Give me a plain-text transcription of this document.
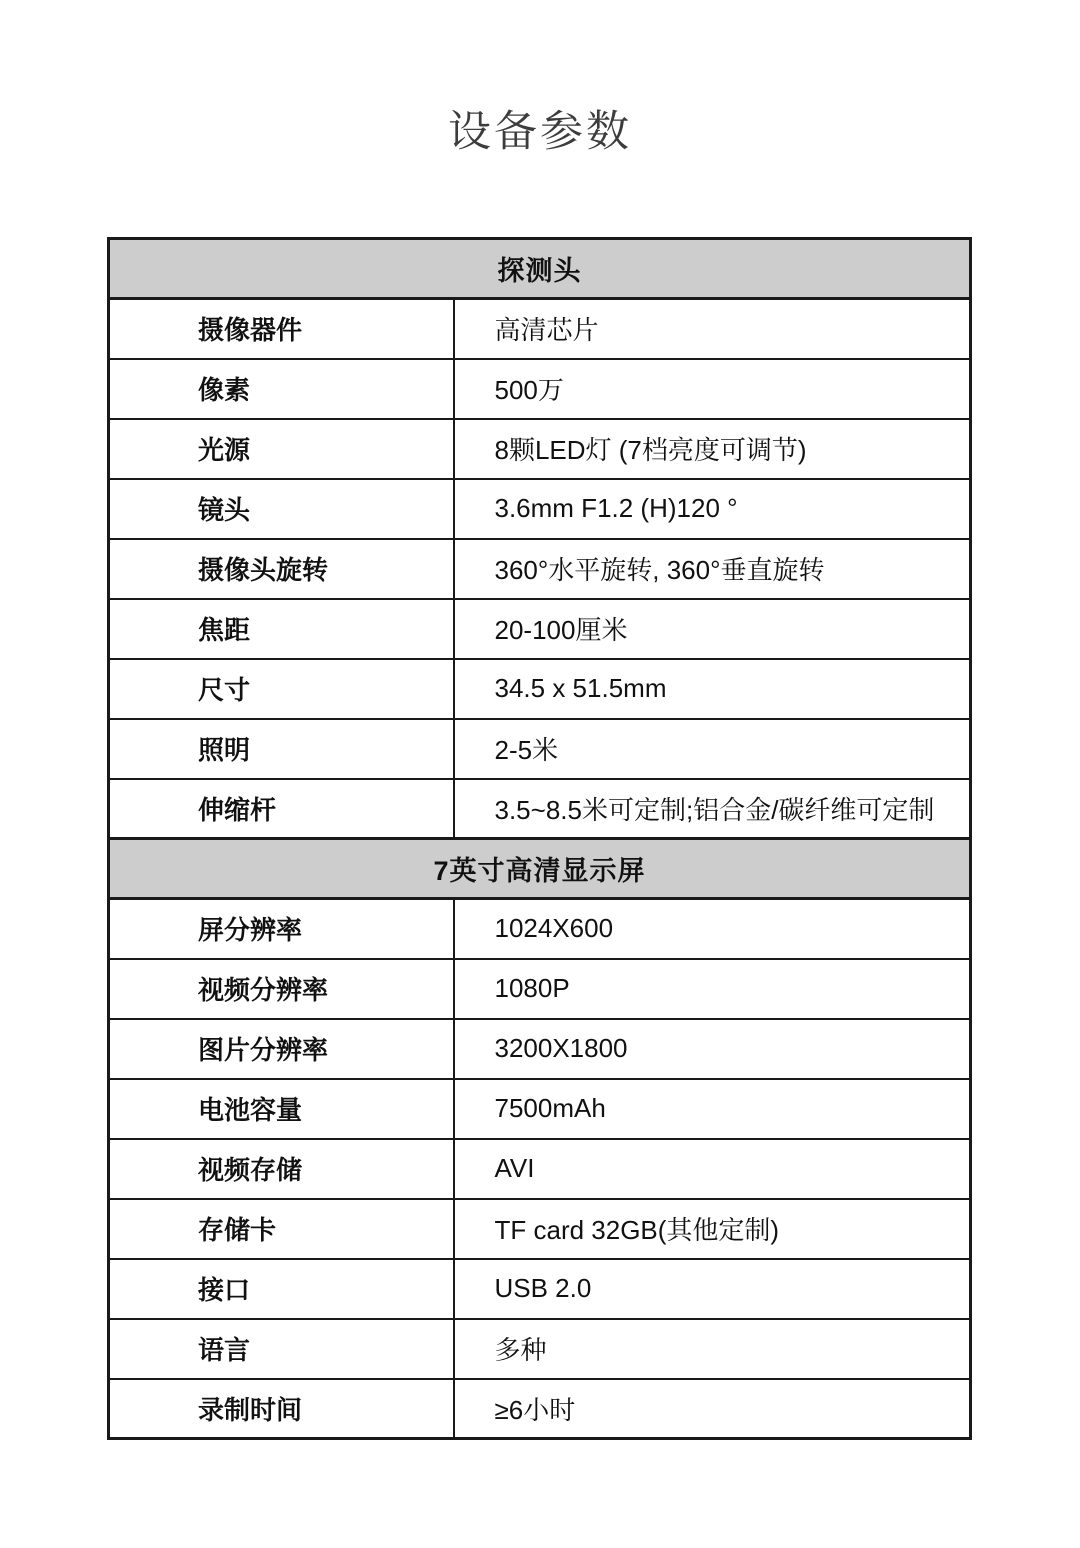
设备参数
探测头	
摄像器件	高清芯片
像素	500万
光源	8颗LED灯 (7档亮度可调节)
镜头	3.6mm F1.2 (H)120 °
摄像头旋转	360°水平旋转, 360°垂直旋转
焦距	20-100厘米
尺寸	34.5 x 51.5mm
照明	2-5米
伸缩杆	3.5~8.5米可定制;铝合金/碳纤维可定制
7英寸高清显示屏	
屏分辨率	1024X600
视频分辨率	1080P
图片分辨率	3200X1800
电池容量	7500mAh
视频存储	AVI
存储卡	TF card 32GB(其他定制)
接口	USB 2.0
语言	多种
录制时间	≥6小时
